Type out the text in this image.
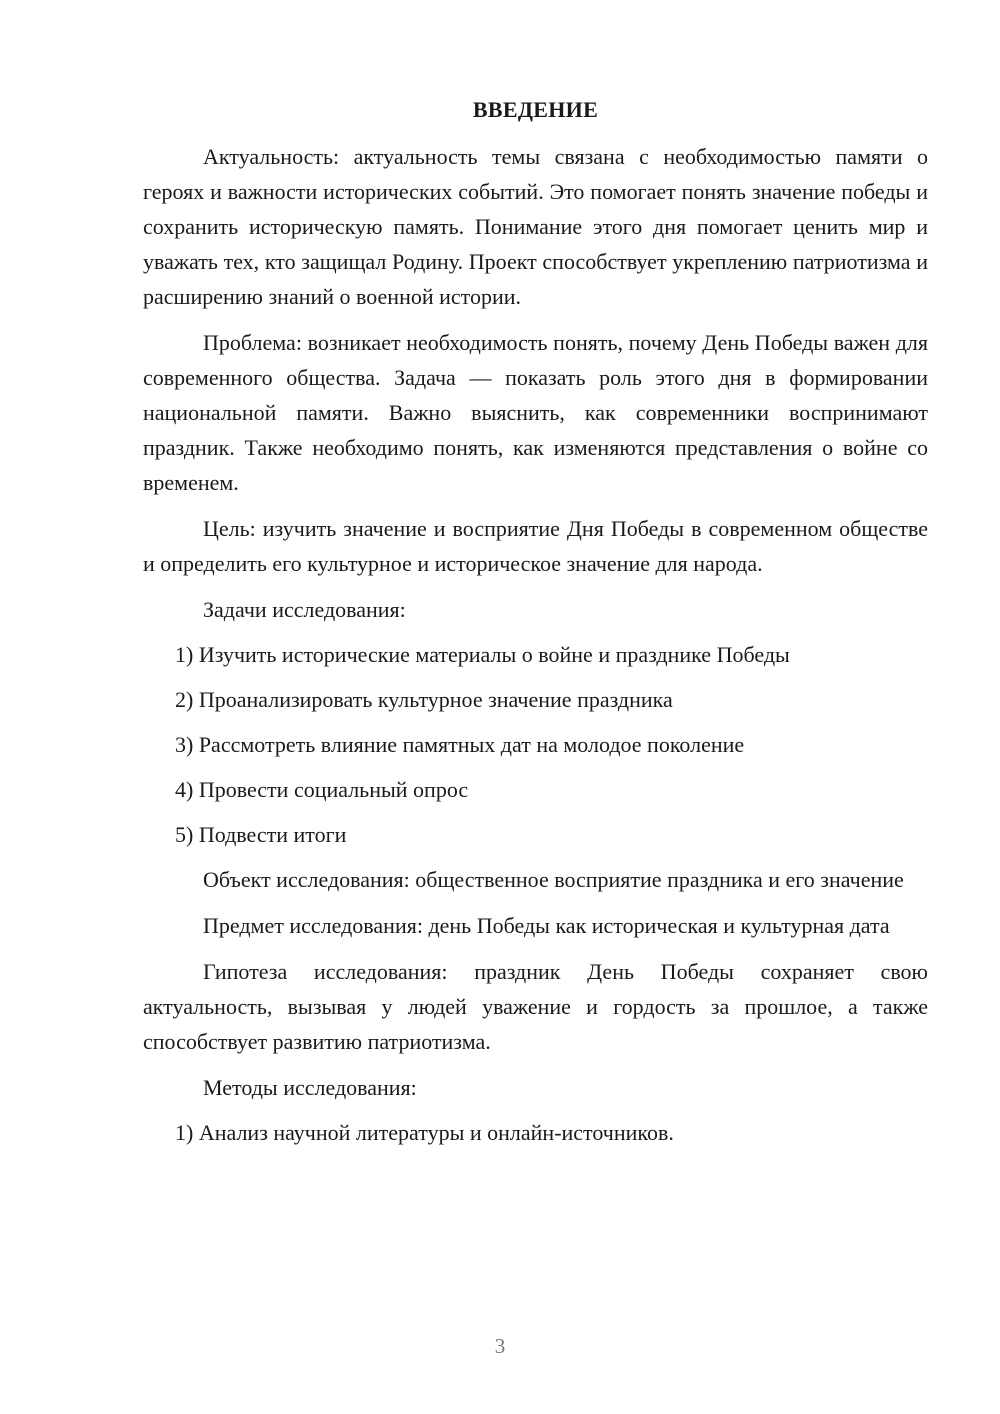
ВВЕДЕНИЕ

Актуальность: актуальность темы связана с необходимостью памяти о героях и важности исторических событий. Это помогает понять значение победы и сохранить историческую память. Понимание этого дня помогает ценить мир и уважать тех, кто защищал Родину. Проект способствует укреплению патриотизма и расширению знаний о военной истории.

Проблема: возникает необходимость понять, почему День Победы важен для современного общества. Задача — показать роль этого дня в формировании национальной памяти. Важно выяснить, как современники воспринимают праздник. Также необходимо понять, как изменяются представления о войне со временем.

Цель: изучить значение и восприятие Дня Победы в современном обществе и определить его культурное и историческое значение для народа.

Задачи исследования:
1) Изучить исторические материалы о войне и празднике Победы
2) Проанализировать культурное значение праздника
3) Рассмотреть влияние памятных дат на молодое поколение
4) Провести социальный опрос
5) Подвести итоги

Объект исследования: общественное восприятие праздника и его значение

Предмет исследования: день Победы как историческая и культурная дата

Гипотеза исследования: праздник День Победы сохраняет свою актуальность, вызывая у людей уважение и гордость за прошлое, а также способствует развитию патриотизма.

Методы исследования:
1) Анализ научной литературы и онлайн-источников.
3
